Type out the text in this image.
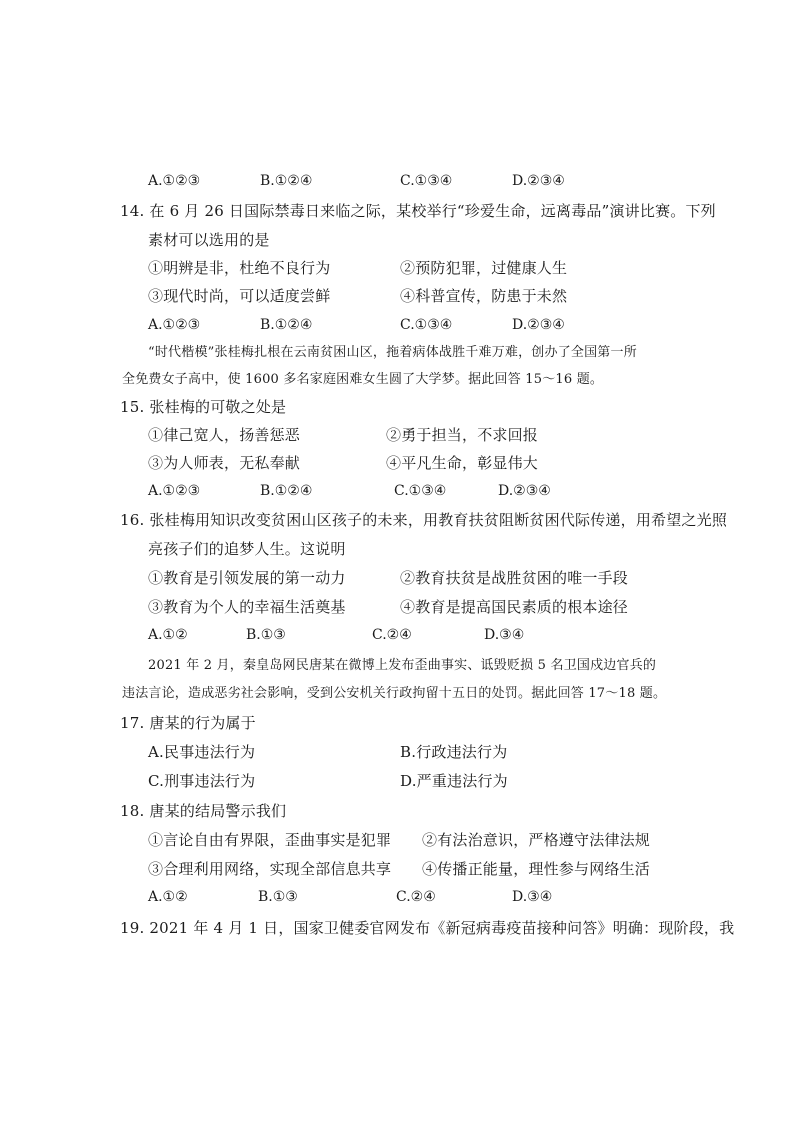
A.①②③	B.①②④	C.①③④	D.②③④
14. 在 6 月 26 日国际禁毒日来临之际，某校举行“珍爱生命，远离毒品”演讲比赛。下列
素材可以选用的是
①明辨是非，杜绝不良行为	②预防犯罪，过健康人生
③现代时尚，可以适度尝鲜	④科普宣传，防患于未然
A.①②③	B.①②④	C.①③④	D.②③④
“时代楷模”张桂梅扎根在云南贫困山区，拖着病体战胜千难万难，创办了全国第一所
全免费女子高中，使 1600 多名家庭困难女生圆了大学梦。据此回答 15～16 题。
15. 张桂梅的可敬之处是
①律己宽人，扬善惩恶	②勇于担当，不求回报
③为人师表，无私奉献	④平凡生命，彰显伟大
A.①②③	B.①②④	C.①③④	D.②③④
16. 张桂梅用知识改变贫困山区孩子的未来，用教育扶贫阻断贫困代际传递，用希望之光照
亮孩子们的追梦人生。这说明
①教育是引领发展的第一动力	②教育扶贫是战胜贫困的唯一手段
③教育为个人的幸福生活奠基	④教育是提高国民素质的根本途径
A.①②	B.①③	C.②④	D.③④
2021 年 2 月，秦皇岛网民唐某在微博上发布歪曲事实、诋毁贬损 5 名卫国戍边官兵的
违法言论，造成恶劣社会影响，受到公安机关行政拘留十五日的处罚。据此回答 17～18 题。
17. 唐某的行为属于
A.民事违法行为	B.行政违法行为
C.刑事违法行为	D.严重违法行为
18. 唐某的结局警示我们
①言论自由有界限，歪曲事实是犯罪 ②有法治意识，严格遵守法律法规
③合理利用网络，实现全部信息共享 ④传播正能量，理性参与网络生活
A.①②	B.①③	C.②④	D.③④
19. 2021 年 4 月 1 日，国家卫健委官网发布《新冠病毒疫苗接种问答》明确：现阶段，我
